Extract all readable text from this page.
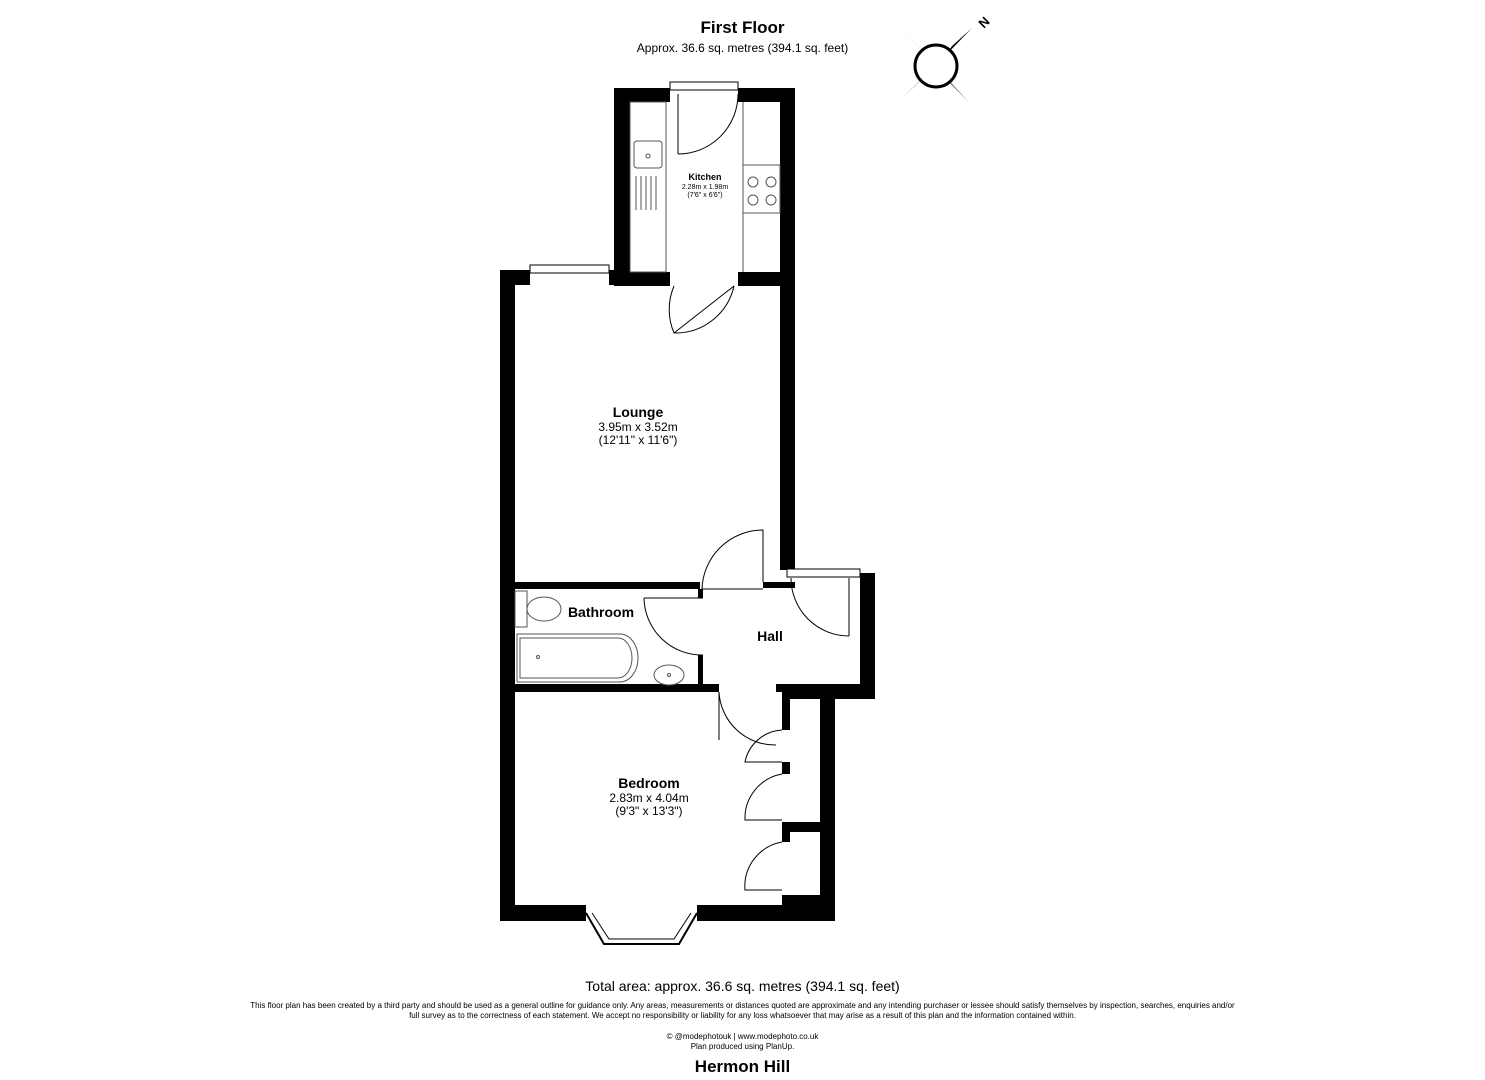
First Floor
Approx. 36.6 sq. metres (394.1 sq. feet)
N
Kitchen
2.28m x 1.98m
(7'6" x 6'6")
Lounge
3.95m x 3.52m
(12'11" x 11'6")
Bathroom
Hall
Bedroom
2.83m x 4.04m
(9'3" x 13'3")
Total area: approx. 36.6 sq. metres (394.1 sq. feet)
This floor plan has been created by a third party and should be used as a general outline for guidance only. Any areas, measurements or distances quoted are approximate and any intending purchaser or lessee should satisfy themselves by inspection, searches, enquiries and/or full survey as to the correctness of each statement. We accept no responsibility or liability for any loss whatsoever that may arise as a result of this plan and the information contained within.
© @modephotouk | www.modephoto.co.uk
Plan produced using PlanUp.
Hermon Hill
